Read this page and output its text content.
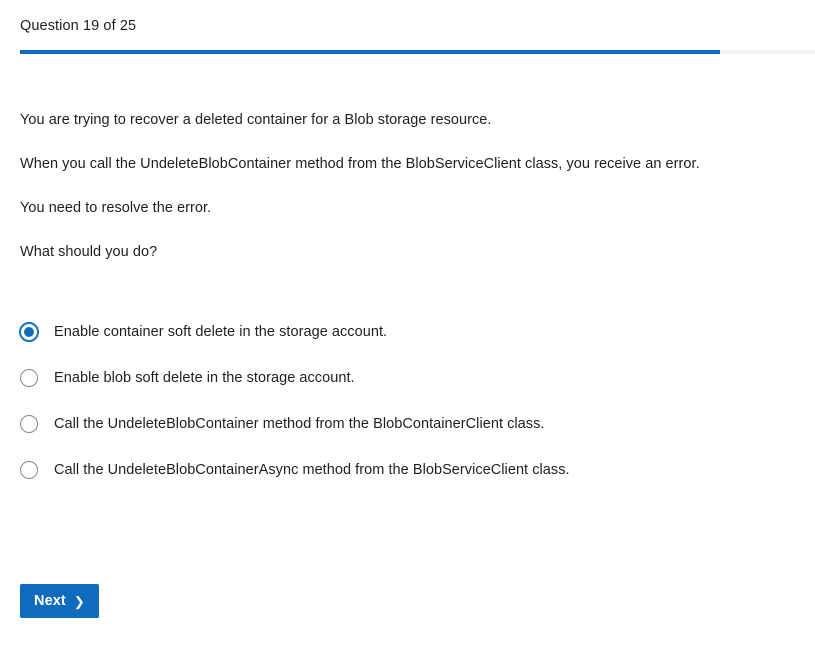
Question 19 of 25
You are trying to recover a deleted container for a Blob storage resource.
When you call the UndeleteBlobContainer method from the BlobServiceClient class, you receive an error.
You need to resolve the error.
What should you do?
Enable container soft delete in the storage account.
Enable blob soft delete in the storage account.
Call the UndeleteBlobContainer method from the BlobContainerClient class.
Call the UndeleteBlobContainerAsync method from the BlobServiceClient class.
Next ❯
